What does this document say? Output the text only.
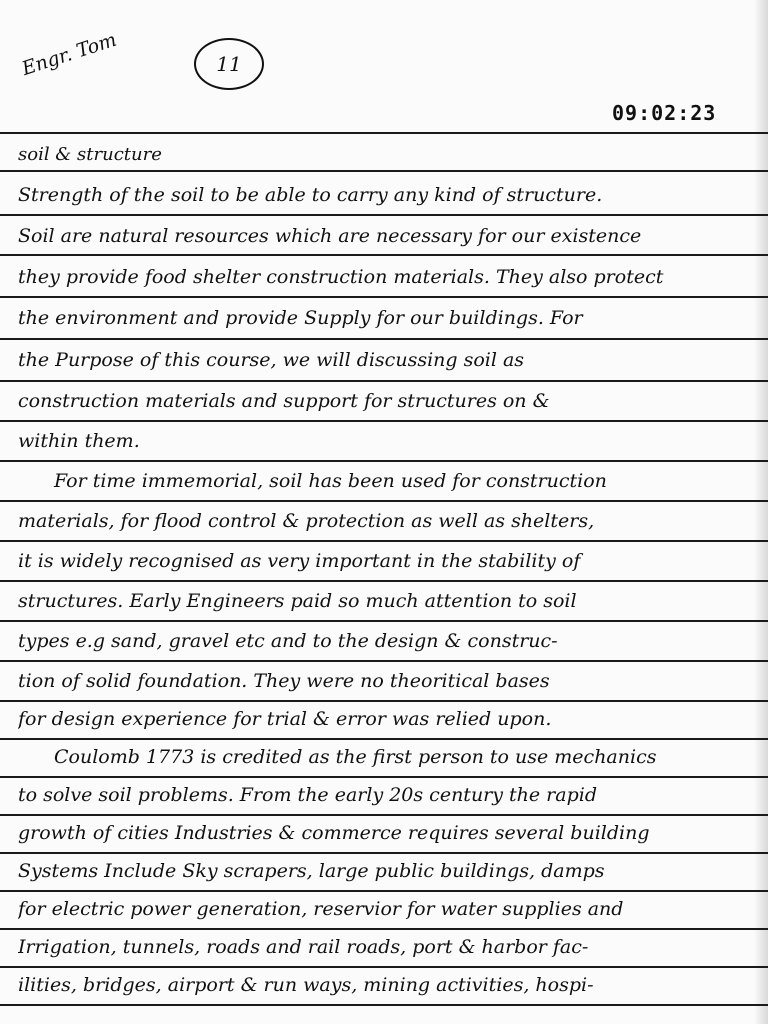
Engr. Tom	11
09:02:23
soil & structure
Strength of the soil to be able to carry any kind of structure.
Soil are natural resources which are necessary for our existence
they provide food shelter construction materials. They also protect
the environment and provide Supply for our buildings. For
the Purpose of this course, we will discussing soil as
construction materials and support for structures on &
within them.
For time immemorial, soil has been used for construction
materials, for flood control & protection as well as shelters,
it is widely recognised as very important in the stability of
structures. Early Engineers paid so much attention to soil
types e.g sand, gravel etc and to the design & construc-
tion of solid foundation. They were no theoritical bases
for design experience for trial & error was relied upon.
Coulomb 1773 is credited as the first person to use mechanics
to solve soil problems. From the early 20s century the rapid
growth of cities Industries & commerce requires several building
Systems Include Sky scrapers, large public buildings, damps
for electric power generation, reservior for water supplies and
Irrigation, tunnels, roads and rail roads, port & harbor fac-
ilities, bridges, airport & run ways, mining activities, hospi-
